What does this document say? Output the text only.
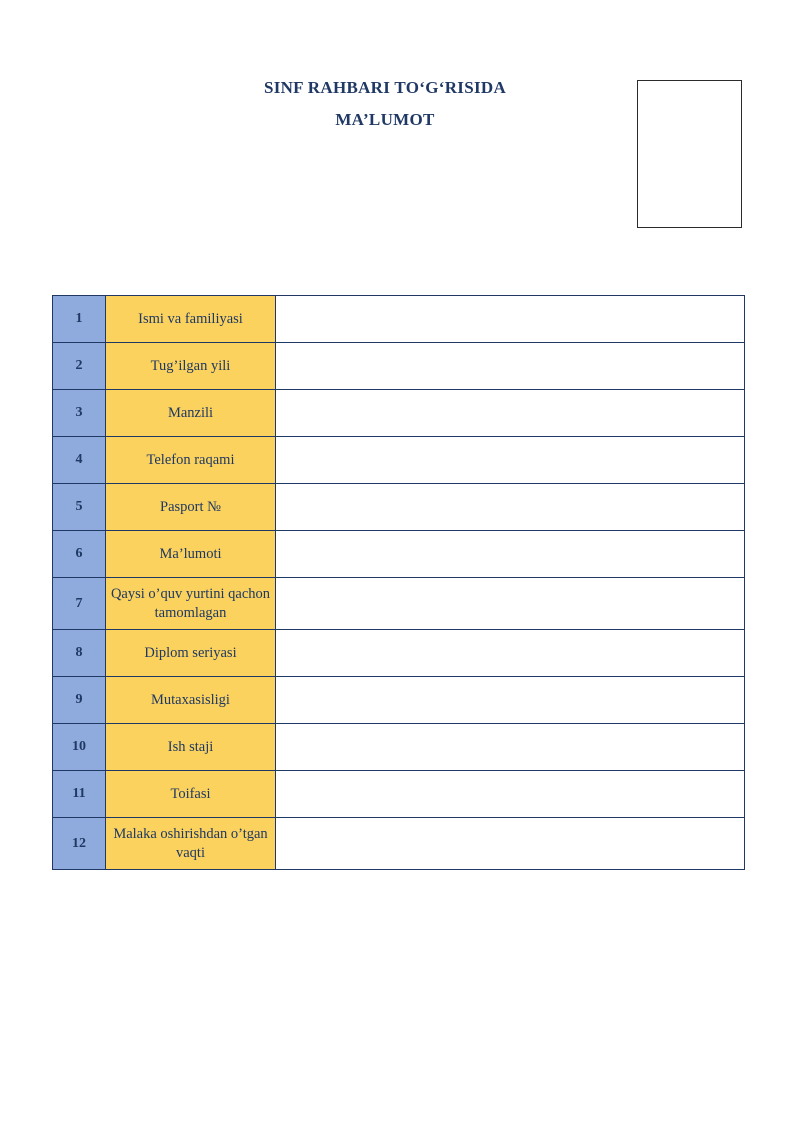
SINF RAHBARI TO‘G‘RISIDA
MA’LUMOT
1	Ismi va familiyasi	
2	Tug’ilgan yili	
3	Manzili	
4	Telefon raqami	
5	Pasport №	
6	Ma’lumoti	
7	Qaysi o’quv yurtini qachon tamomlagan	
8	Diplom seriyasi	
9	Mutaxasisligi	
10	Ish staji	
11	Toifasi	
12	Malaka oshirishdan o’tgan vaqti	
